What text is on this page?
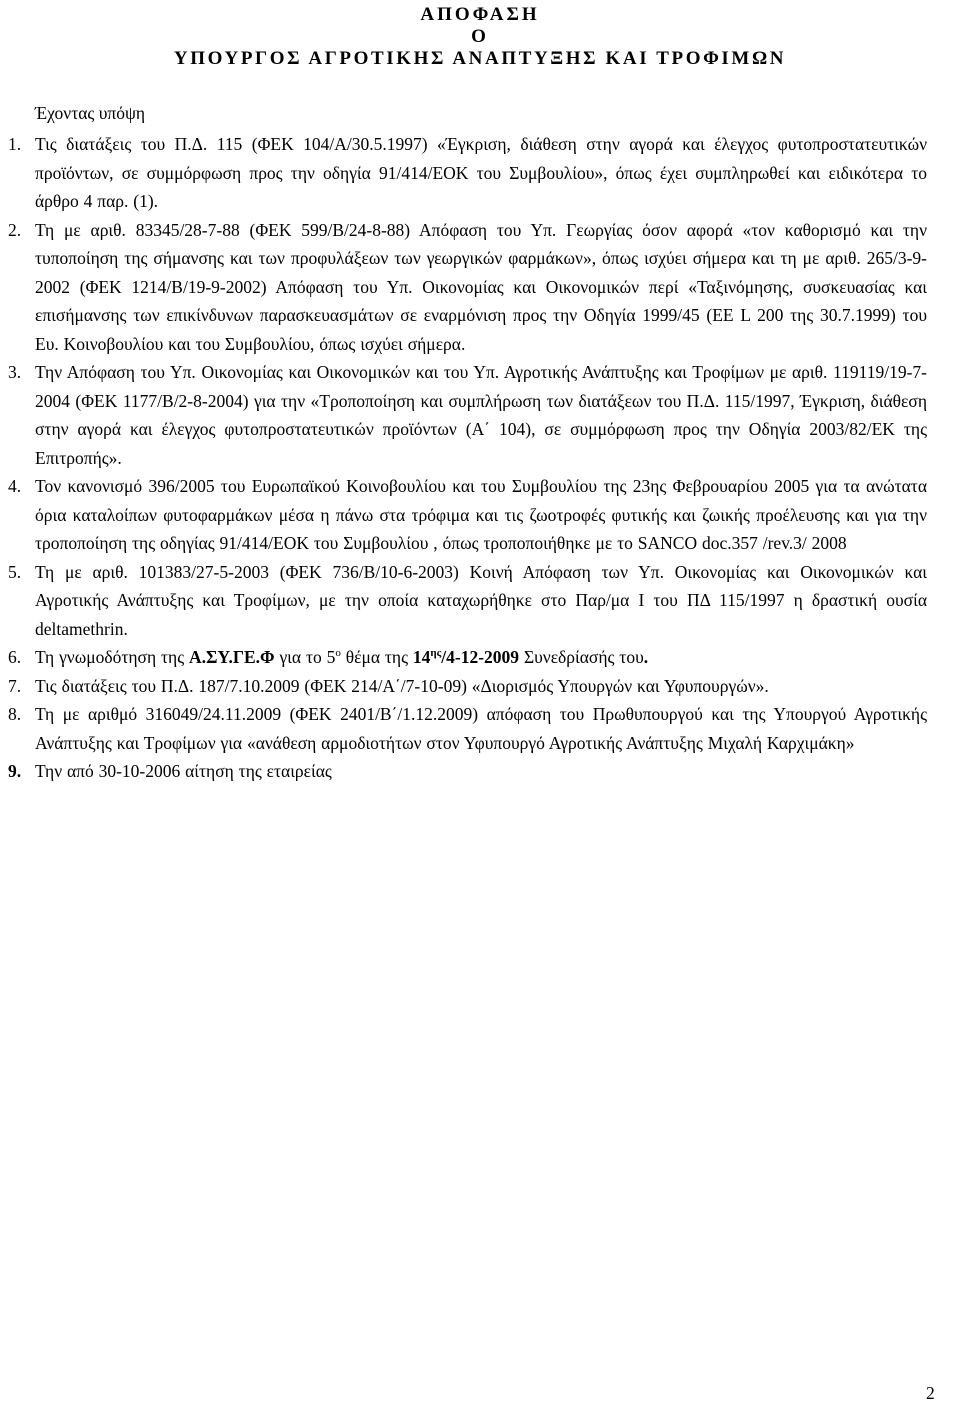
ΑΠΟΦΑΣΗ

Ο

ΥΠΟΥΡΓΟΣ ΑΓΡΟΤΙΚΗΣ ΑΝΑΠΤΥΞΗΣ ΚΑΙ ΤΡΟΦΙΜΩΝ

Έχοντας υπόψη

1. Τις διατάξεις του Π.Δ. 115 (ΦΕΚ 104/Α/30.5.1997) «Έγκριση, διάθεση στην αγορά και έλεγχος φυτοπροστατευτικών προϊόντων, σε συμμόρφωση προς την οδηγία 91/414/ΕΟΚ του Συμβουλίου», όπως έχει συμπληρωθεί και ειδικότερα το άρθρο 4 παρ. (1).
2. Τη με αριθ. 83345/28-7-88 (ΦΕΚ 599/Β/24-8-88) Απόφαση του Υπ. Γεωργίας όσον αφορά «τον καθορισμό και την τυποποίηση της σήμανσης και των προφυλάξεων των γεωργικών φαρμάκων», όπως ισχύει σήμερα και τη με αριθ. 265/3-9-2002 (ΦΕΚ 1214/Β/19-9-2002) Απόφαση του Υπ. Οικονομίας και Οικονομικών περί «Ταξινόμησης, συσκευασίας και επισήμανσης των επικίνδυνων παρασκευασμάτων σε εναρμόνιση προς την Οδηγία 1999/45 (ΕΕ L 200 της 30.7.1999) του Ευ. Κοινοβουλίου και του Συμβουλίου, όπως ισχύει σήμερα.
3. Την Απόφαση του Υπ. Οικονομίας και Οικονομικών και του Υπ. Αγροτικής Ανάπτυξης και Τροφίμων με αριθ. 119119/19-7-2004 (ΦΕΚ 1177/Β/2-8-2004) για την «Τροποποίηση και συμπλήρωση των διατάξεων του Π.Δ. 115/1997, Έγκριση, διάθεση στην αγορά και έλεγχος φυτοπροστατευτικών προϊόντων (Α΄ 104), σε συμμόρφωση προς την Οδηγία 2003/82/ΕΚ της Επιτροπής».
4. Τον κανονισμό 396/2005 του Ευρωπαϊκού Κοινοβουλίου και του Συμβουλίου της 23ης Φεβρουαρίου 2005 για τα ανώτατα όρια καταλοίπων φυτοφαρμάκων μέσα η πάνω στα τρόφιμα και τις ζωοτροφές φυτικής και ζωικής προέλευσης και για την τροποποίηση της οδηγίας 91/414/ΕΟΚ του Συμβουλίου , όπως τροποποιήθηκε με το SANCO doc.357 /rev.3/ 2008
5. Τη με αριθ. 101383/27-5-2003 (ΦΕΚ 736/Β/10-6-2003) Κοινή Απόφαση των Υπ. Οικονομίας και Οικονομικών και Αγροτικής Ανάπτυξης και Τροφίμων, με την οποία καταχωρήθηκε στο Παρ/μα Ι του ΠΔ 115/1997 η δραστική ουσία deltamethrin.
6. Τη γνωμοδότηση της Α.ΣΥ.ΓΕ.Φ για το $5^o$ θέμα της $14^{\eta\varsigma}/4-12-2009$ Συνεδρίασής του.
7. Τις διατάξεις του Π.Δ. 187/7.10.2009 (ΦΕΚ 214/Α΄/7-10-09) «Διορισμός Υπουργών και Υφυπουργών».
8. Τη με αριθμό 316049/24.11.2009 (ΦΕΚ 2401/Β΄/1.12.2009) απόφαση του Πρωθυπουργού και της Υπουργού Αγροτικής Ανάπτυξης και Τροφίμων για «ανάθεση αρμοδιοτήτων στον Υφυπουργό Αγροτικής Ανάπτυξης Μιχαλή Καρχιμάκη»
9. Την από 30-10-2006 αίτηση της εταιρείας

2
